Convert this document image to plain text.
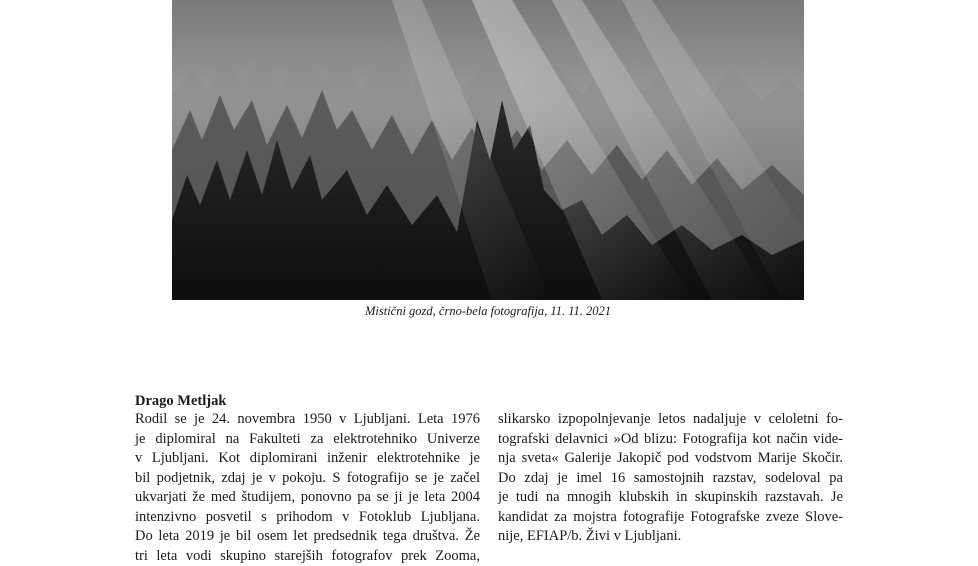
Mistični gozd, črno-bela fotografija, 11. 11. 2021
Drago Metljak
Rodil se je 24. novembra 1950 v Ljubljani. Leta 1976
je diplomiral na Fakulteti za elektrotehniko Univerze
v Ljubljani. Kot diplomirani inženir elektrotehnike je
bil podjetnik, zdaj je v pokoju. S fotografijo se je začel
ukvarjati že med študijem, ponovno pa se ji je leta 2004
intenzivno posvetil s prihodom v Fotoklub Ljubljana.
Do leta 2019 je bil osem let predsednik tega društva. Že
tri leta vodi skupino starejših fotografov prek Zooma,
slikarsko izpopolnjevanje letos nadaljuje v celoletni fo-
tografski delavnici »Od blizu: Fotografija kot način vide-
nja sveta« Galerije Jakopič pod vodstvom Marije Skočir.
Do zdaj je imel 16 samostojnih razstav, sodeloval pa
je tudi na mnogih klubskih in skupinskih razstavah. Je
kandidat za mojstra fotografije Fotografske zveze Slove-
nije, EFIAP/b. Živi v Ljubljani.
